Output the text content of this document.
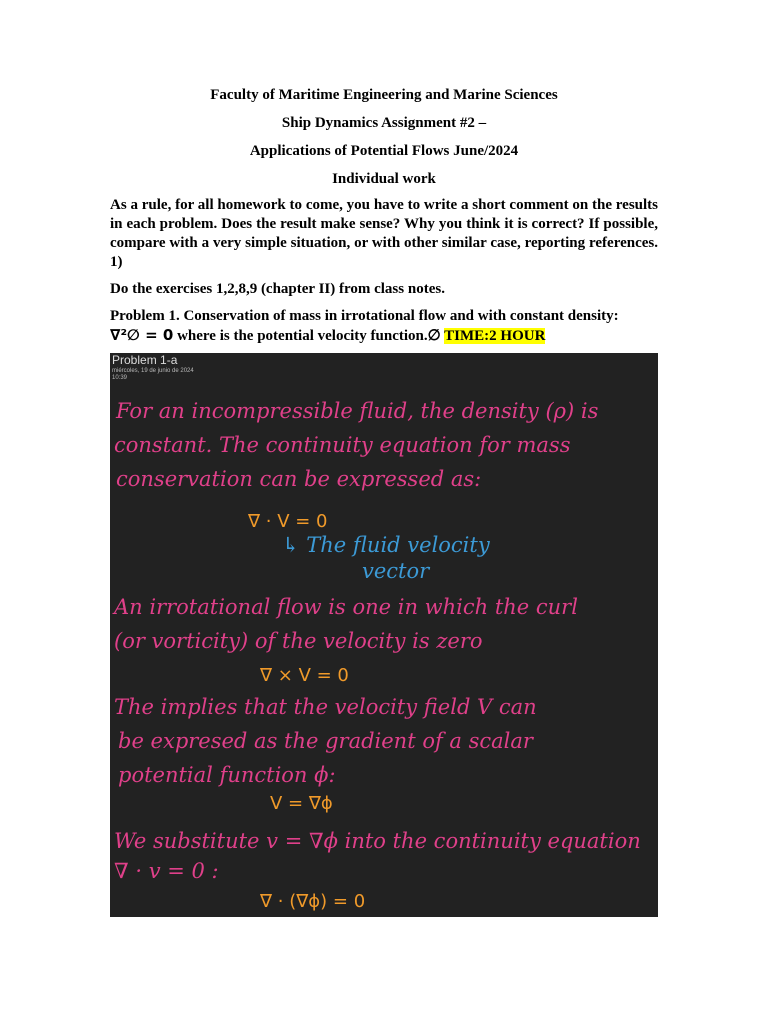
Faculty of Maritime Engineering and Marine Sciences
Ship Dynamics Assignment #2 –
Applications of Potential Flows June/2024
Individual work
As a rule, for all homework to come, you have to write a short comment on the results in each problem. Does the result make sense? Why you think it is correct? If possible, compare with a very simple situation, or with other similar case, reporting references. 1)
Do the exercises 1,2,8,9 (chapter II) from class notes.
Problem 1. Conservation of mass in irrotational flow and with constant density:
∇²∅ = 0 where is the potential velocity function.∅ TIME:2 HOUR
Problem 1-a
miércoles, 19 de junio de 2024
10:39
For an incompressible fluid, the density (ρ) is
constant. The continuity equation for mass
conservation can be expressed as:
∇ · V = 0
↳ The fluid velocity
vector
An irrotational flow is one in which the curl
(or vorticity) of the velocity is zero
∇ × V = 0
The implies that the velocity field V can
be expresed as the gradient of a scalar
potential function ϕ:
V = ∇ϕ
We substitute v = ∇ϕ into the continuity equation
∇ · v = 0 :
∇ · (∇ϕ) = 0
